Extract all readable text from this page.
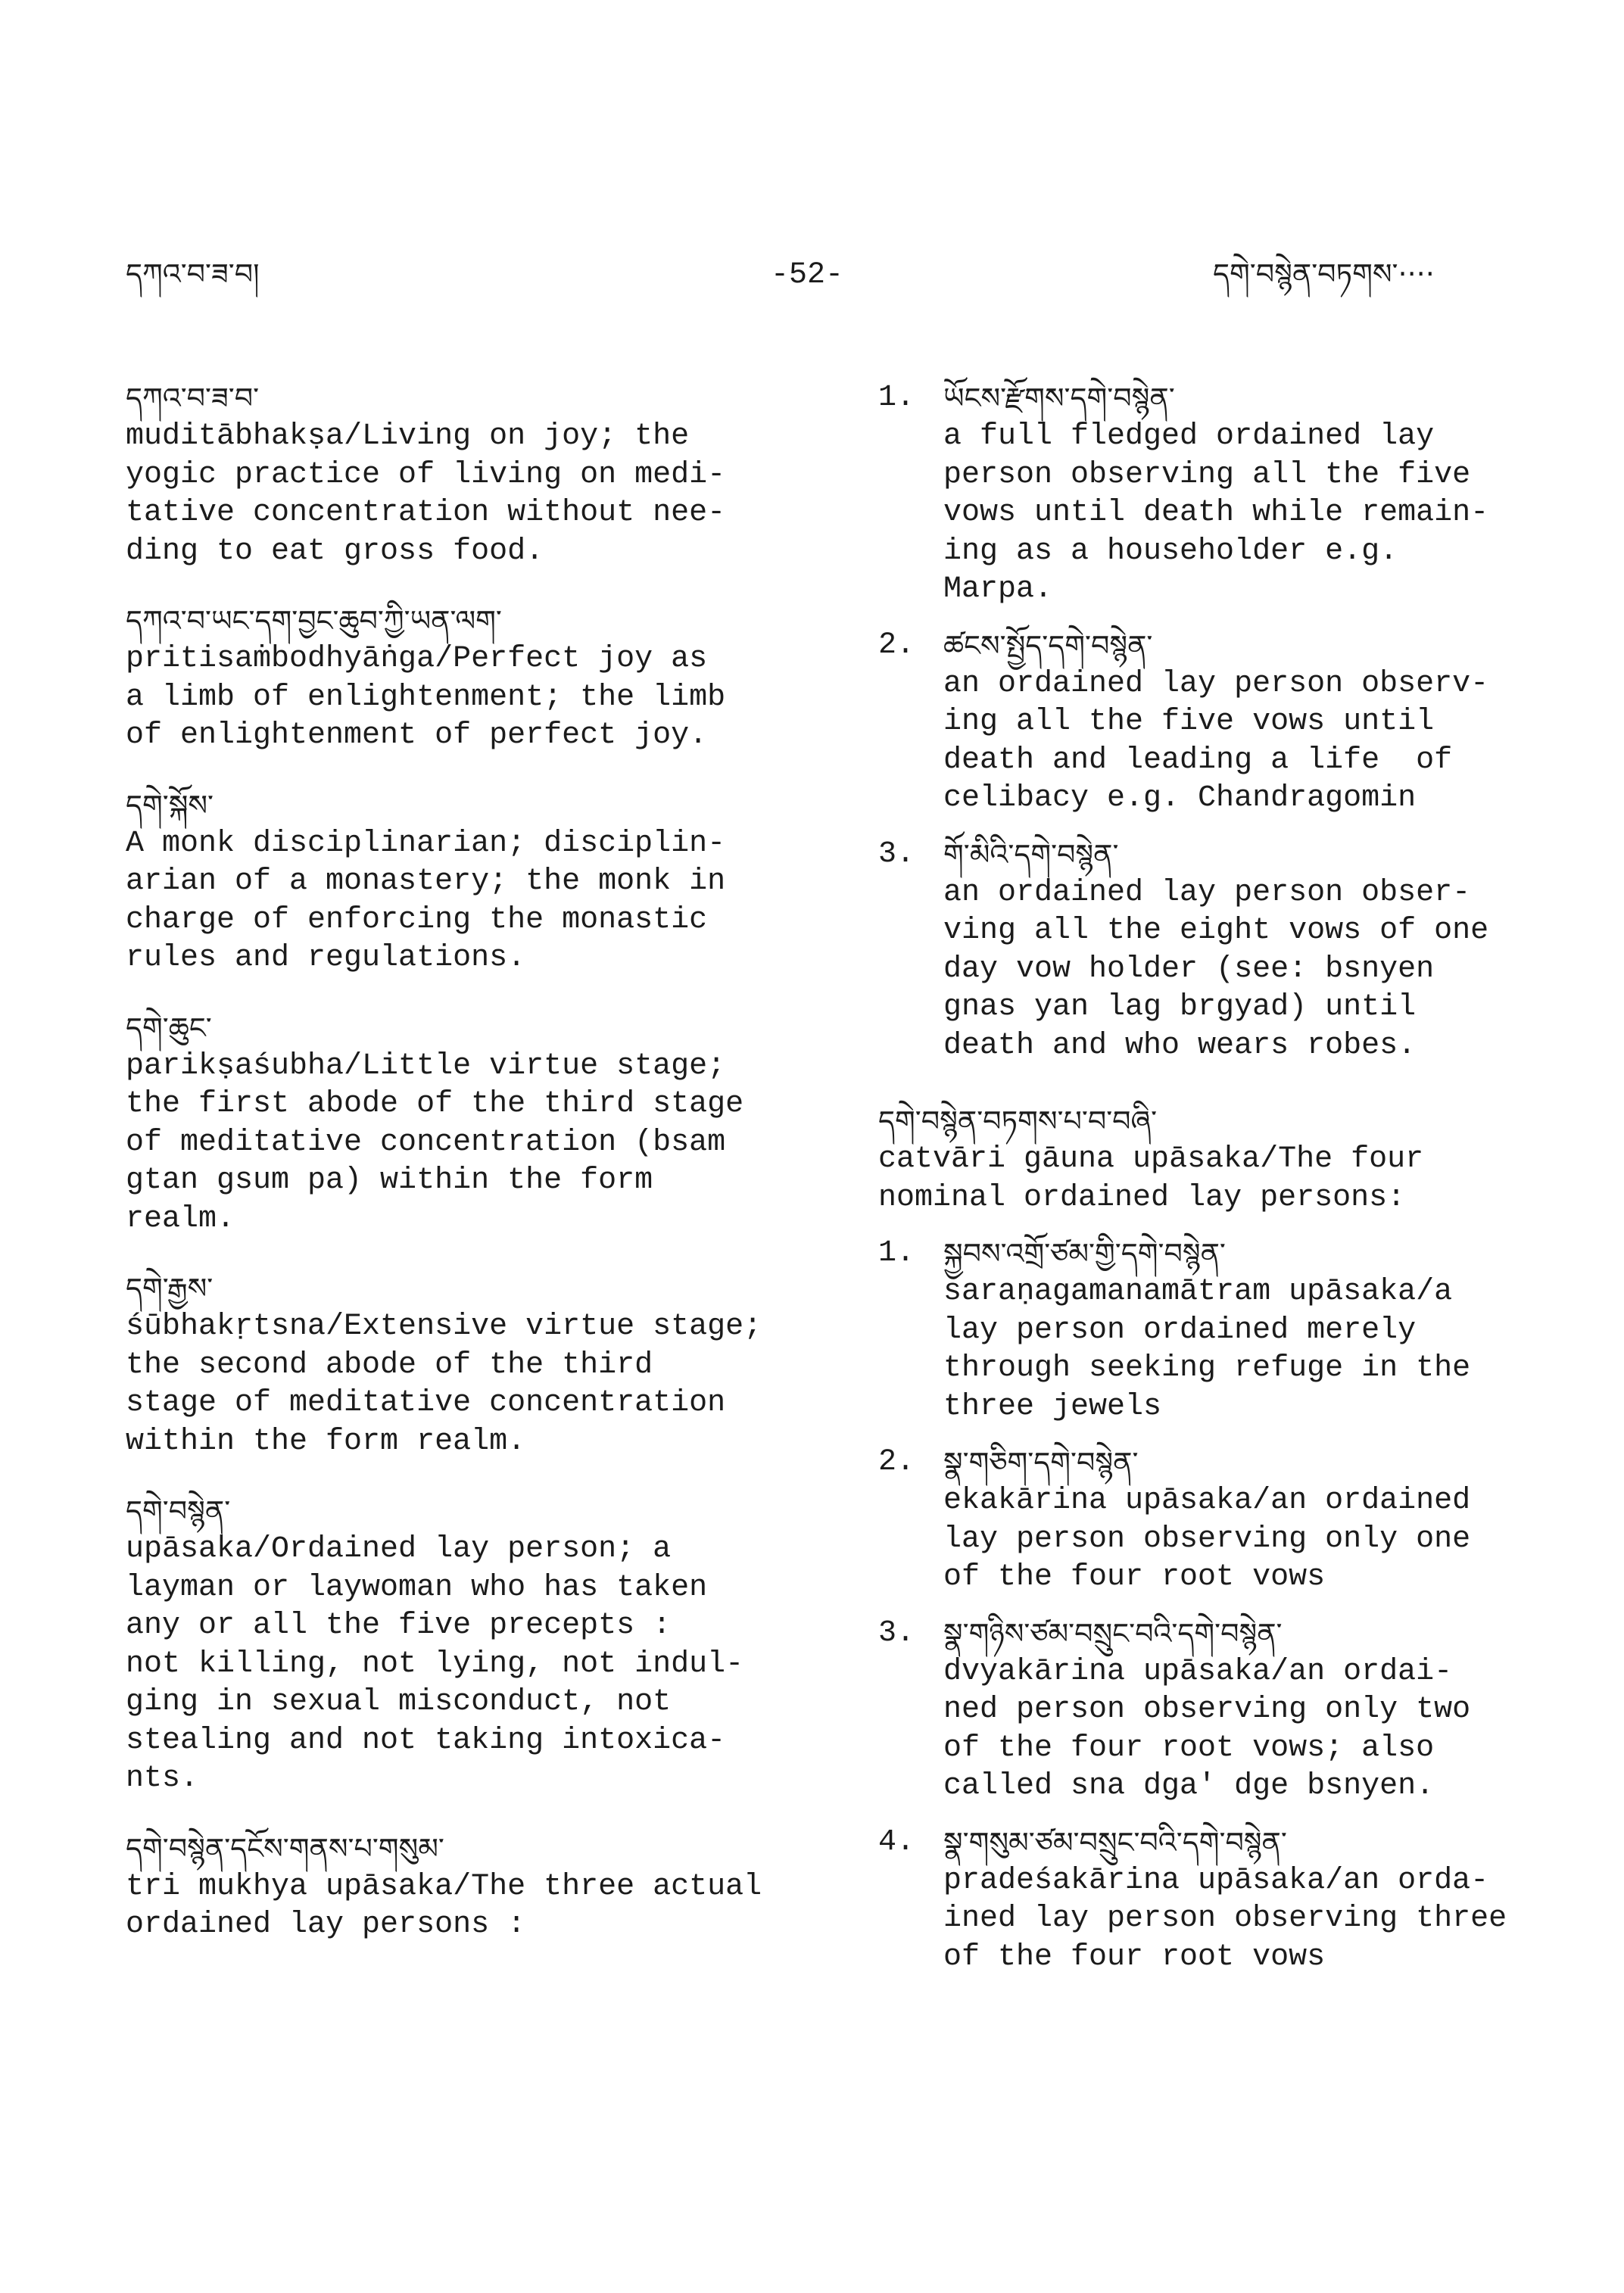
དཀའ་བ་ཟ་བ།	-52-	དགེ་བསྙེན་བཏགས་····

དཀའ་བ་ཟ་བ་

muditābhakṣa/Living on joy; the

yogic practice of living on medi-

tative concentration without nee-

ding to eat gross food.

དཀའ་བ་ཡང་དག་བྱང་ཆུབ་ཀྱི་ཡན་ལག་

pritisaṁbodhyāṅga/Perfect joy as

a limb of enlightenment; the limb

of enlightenment of perfect joy.

དགེ་སྐོས་

A monk disciplinarian; disciplin-

arian of a monastery; the monk in

charge of enforcing the monastic

rules and regulations.

དགེ་ཆུང་

parikṣaśubha/Little virtue stage;

the first abode of the third stage

of meditative concentration (bsam

gtan gsum pa) within the form

realm.

དགེ་རྒྱས་

śūbhakṛtsna/Extensive virtue stage;

the second abode of the third

stage of meditative concentration

within the form realm.

དགེ་བསྙེན་

upāsaka/Ordained lay person; a

layman or laywoman who has taken

any or all the five precepts :

not killing, not lying, not indul-

ging in sexual misconduct, not

stealing and not taking intoxica-

nts.

དགེ་བསྙེན་དངོས་གནས་པ་གསུམ་

tri mukhya upāsaka/The three actual

ordained lay persons :

1. ཡོངས་རྫོགས་དགེ་བསྙེན་

a full fledged ordained lay

person observing all the five

vows until death while remain-

ing as a householder e.g.

Marpa.

2. ཚངས་སྤྱོད་དགེ་བསྙེན་

an ordained lay person observ-

ing all the five vows until

death and leading a life  of

celibacy e.g. Chandragomin

3. གོ་མིའི་དགེ་བསྙེན་

an ordained lay person obser-

ving all the eight vows of one

day vow holder (see: bsnyen

gnas yan lag brgyad) until

death and who wears robes.

དགེ་བསྙེན་བཏགས་པ་བ་བཞི་

catvāri gāuna upāsaka/The four

nominal ordained lay persons:

1. སྐྱབས་འགྲོ་ཙམ་གྱི་དགེ་བསྙེན་

saraṇagamanamātram upāsaka/a

lay person ordained merely

through seeking refuge in the

three jewels

2. སྣ་གཅིག་དགེ་བསྙེན་

ekakārina upāsaka/an ordained

lay person observing only one

of the four root vows

3. སྣ་གཉིས་ཙམ་བསྲུང་བའི་དགེ་བསྙེན་

dvyakārina upāsaka/an ordai-

ned person observing only two

of the four root vows; also

called sna dga' dge bsnyen.

4. སྣ་གསུམ་ཙམ་བསྲུང་བའི་དགེ་བསྙེན་

pradeśakārina upāsaka/an orda-

ined lay person observing three

of the four root vows
